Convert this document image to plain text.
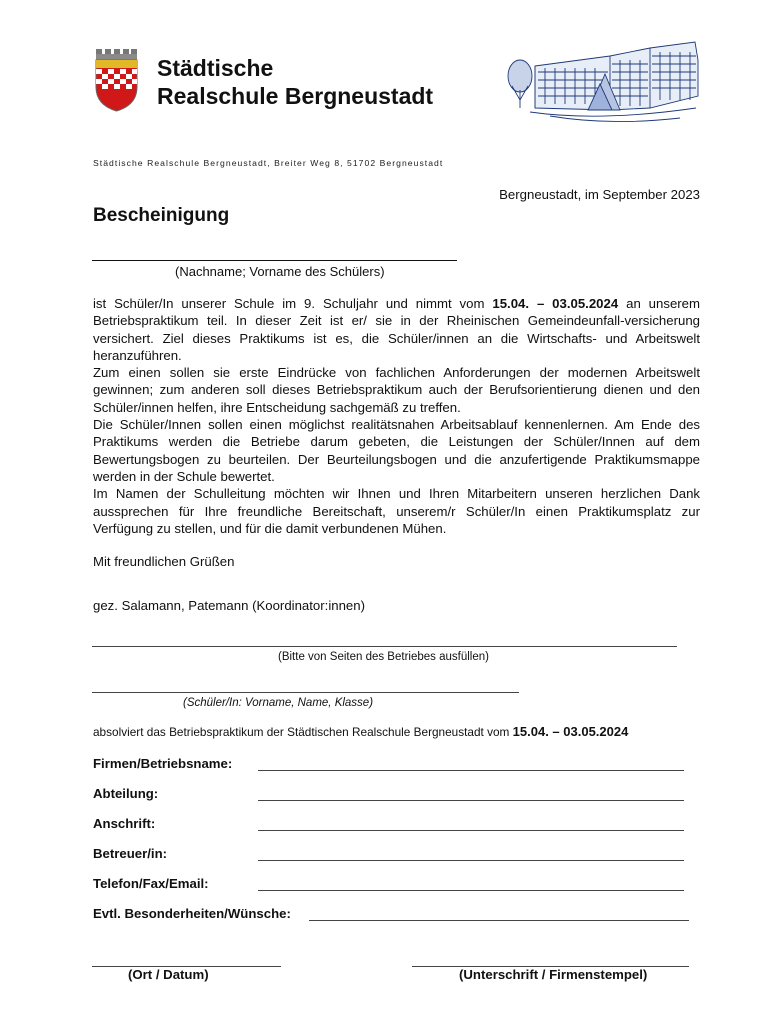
Städtische
Realschule Bergneustadt
Städtische Realschule Bergneustadt, Breiter Weg 8, 51702 Bergneustadt
Bergneustadt, im September 2023
Bescheinigung
(Nachname; Vorname des Schülers)

ist Schüler/In unserer Schule im 9. Schuljahr und nimmt vom 15.04. – 03.05.2024 an unserem Betriebspraktikum teil. In dieser Zeit ist er/ sie in der Rheinischen Gemeindeunfall-versicherung versichert. Ziel dieses Praktikums ist es, die Schüler/innen an die Wirtschafts- und Arbeitswelt heranzuführen.

Zum einen sollen sie erste Eindrücke von fachlichen Anforderungen der modernen Arbeitswelt gewinnen; zum anderen soll dieses Betriebspraktikum auch der Berufsorientierung dienen und den Schüler/innen helfen, ihre Entscheidung sachgemäß zu treffen.

Die Schüler/Innen sollen einen möglichst realitätsnahen Arbeitsablauf kennenlernen. Am Ende des Praktikums werden die Betriebe darum gebeten, die Leistungen der Schüler/Innen auf dem Bewertungsbogen zu beurteilen. Der Beurteilungsbogen und die anzufertigende Praktikumsmappe werden in der Schule bewertet.

Im Namen der Schulleitung möchten wir Ihnen und Ihren Mitarbeitern unseren herzlichen Dank aussprechen für Ihre freundliche Bereitschaft, unserem/r Schüler/In einen Praktikumsplatz zur Verfügung zu stellen, und für die damit verbundenen Mühen.

Mit freundlichen Grüßen
gez. Salamann, Patemann (Koordinator:innen)
(Bitte von Seiten des Betriebes ausfüllen)
(Schüler/In: Vorname, Name, Klasse)
absolviert das Betriebspraktikum der Städtischen Realschule Bergneustadt vom 15.04. – 03.05.2024
Firmen/Betriebsname:
Abteilung:
Anschrift:
Betreuer/in:
Telefon/Fax/Email:
Evtl. Besonderheiten/Wünsche:
(Ort / Datum)	(Unterschrift / Firmenstempel)
